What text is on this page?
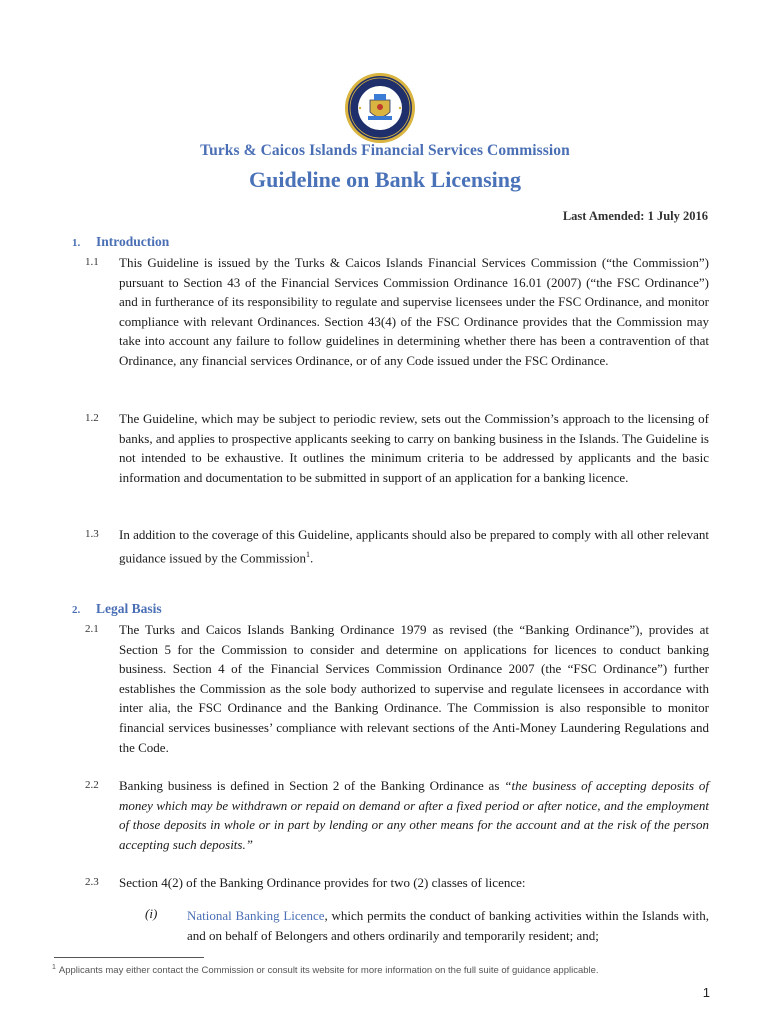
Turks & Caicos Islands Financial Services Commission
Guideline on Bank Licensing
Last Amended: 1 July 2016
1. Introduction
1.1 This Guideline is issued by the Turks & Caicos Islands Financial Services Commission (“the Commission”) pursuant to Section 43 of the Financial Services Commission Ordinance 16.01 (2007) (“the FSC Ordinance”) and in furtherance of its responsibility to regulate and supervise licensees under the FSC Ordinance, and monitor compliance with relevant Ordinances. Section 43(4) of the FSC Ordinance provides that the Commission may take into account any failure to follow guidelines in determining whether there has been a contravention of that Ordinance, any financial services Ordinance, or of any Code issued under the FSC Ordinance.
1.2 The Guideline, which may be subject to periodic review, sets out the Commission’s approach to the licensing of banks, and applies to prospective applicants seeking to carry on banking business in the Islands. The Guideline is not intended to be exhaustive. It outlines the minimum criteria to be addressed by applicants and the basic information and documentation to be submitted in support of an application for a banking licence.
1.3 In addition to the coverage of this Guideline, applicants should also be prepared to comply with all other relevant guidance issued by the Commission$^1$.
2. Legal Basis
2.1 The Turks and Caicos Islands Banking Ordinance 1979 as revised (the “Banking Ordinance”), provides at Section 5 for the Commission to consider and determine on applications for licences to conduct banking business. Section 4 of the Financial Services Commission Ordinance 2007 (the “FSC Ordinance”) further establishes the Commission as the sole body authorized to supervise and regulate licensees in accordance with inter alia, the FSC Ordinance and the Banking Ordinance. The Commission is also responsible to monitor financial services businesses’ compliance with relevant sections of the Anti-Money Laundering Regulations and the Code.
2.2 Banking business is defined in Section 2 of the Banking Ordinance as “the business of accepting deposits of money which may be withdrawn or repaid on demand or after a fixed period or after notice, and the employment of those deposits in whole or in part by lending or any other means for the account and at the risk of the person accepting such deposits.”
2.3 Section 4(2) of the Banking Ordinance provides for two (2) classes of licence:
(i) National Banking Licence, which permits the conduct of banking activities within the Islands with, and on behalf of Belongers and others ordinarily and temporarily resident; and;
$^1$ Applicants may either contact the Commission or consult its website for more information on the full suite of guidance applicable.
1
